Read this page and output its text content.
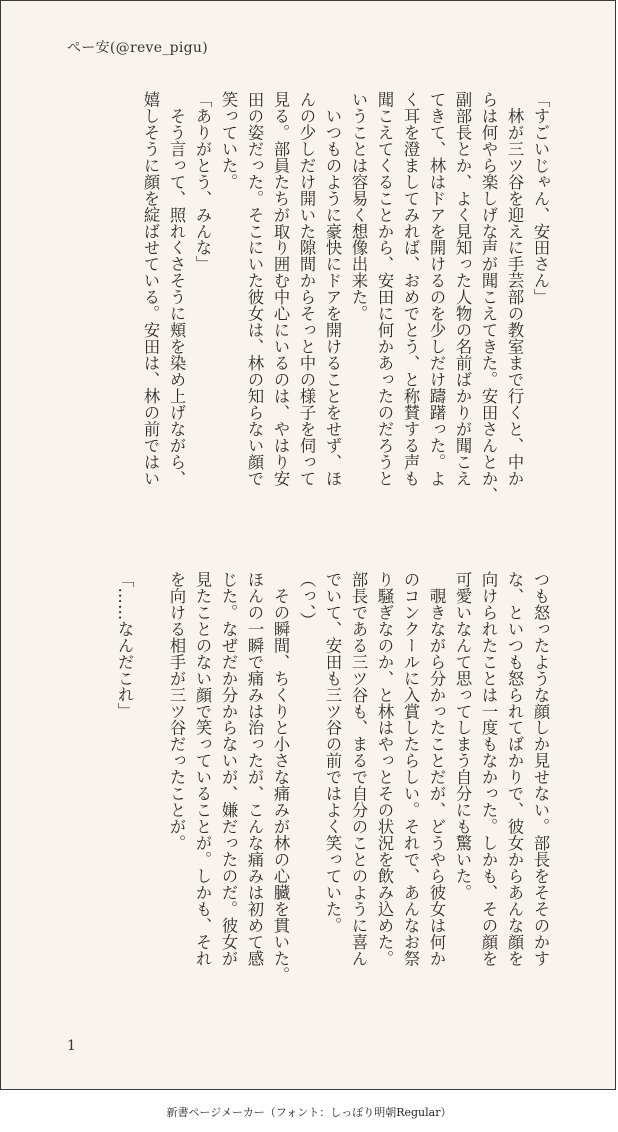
ぺー安(@reve_pigu)
「すごいじゃん、安田さん」
　林が三ツ谷を迎えに手芸部の教室まで行くと、中か
らは何やら楽しげな声が聞こえてきた。安田さんとか、
副部長とか、よく見知った人物の名前ばかりが聞こえ
てきて、林はドアを開けるのを少しだけ躊躇った。よ
く耳を澄ましてみれば、おめでとう、と称賛する声も
聞こえてくることから、安田に何かあったのだろうと
いうことは容易く想像出来た。
　いつものように豪快にドアを開けることをせず、ほ
んの少しだけ開いた隙間からそっと中の様子を伺って
見る。部員たちが取り囲む中心にいるのは、やはり安
田の姿だった。そこにいた彼女は、林の知らない顔で
笑っていた。
「ありがとう、みんな」
　そう言って、照れくさそうに頬を染め上げながら、
嬉しそうに顔を綻ばせている。安田は、林の前ではい
つも怒ったような顔しか見せない。部長をそそのかす
な、といつも怒られてばかりで、彼女からあんな顔を
向けられたことは一度もなかった。しかも、その顔を
可愛いなんて思ってしまう自分にも驚いた。
　覗きながら分かったことだが、どうやら彼女は何か
のコンクールに入賞したらしい。それで、あんなお祭
り騒ぎなのか、と林はやっとその状況を飲み込めた。
部長である三ツ谷も、まるで自分のことのように喜ん
でいて、安田も三ツ谷の前ではよく笑っていた。
（っ、）
　その瞬間、ちくりと小さな痛みが林の心臓を貫いた。
ほんの一瞬で痛みは治ったが、こんな痛みは初めて感
じた。なぜだか分からないが、嫌だったのだ。彼女が
見たことのない顔で笑っていることが。しかも、それ
を向ける相手が三ツ谷だったことが。

「……なんだこれ」
1
新書ページメーカー（フォント：しっぽり明朝Regular）
